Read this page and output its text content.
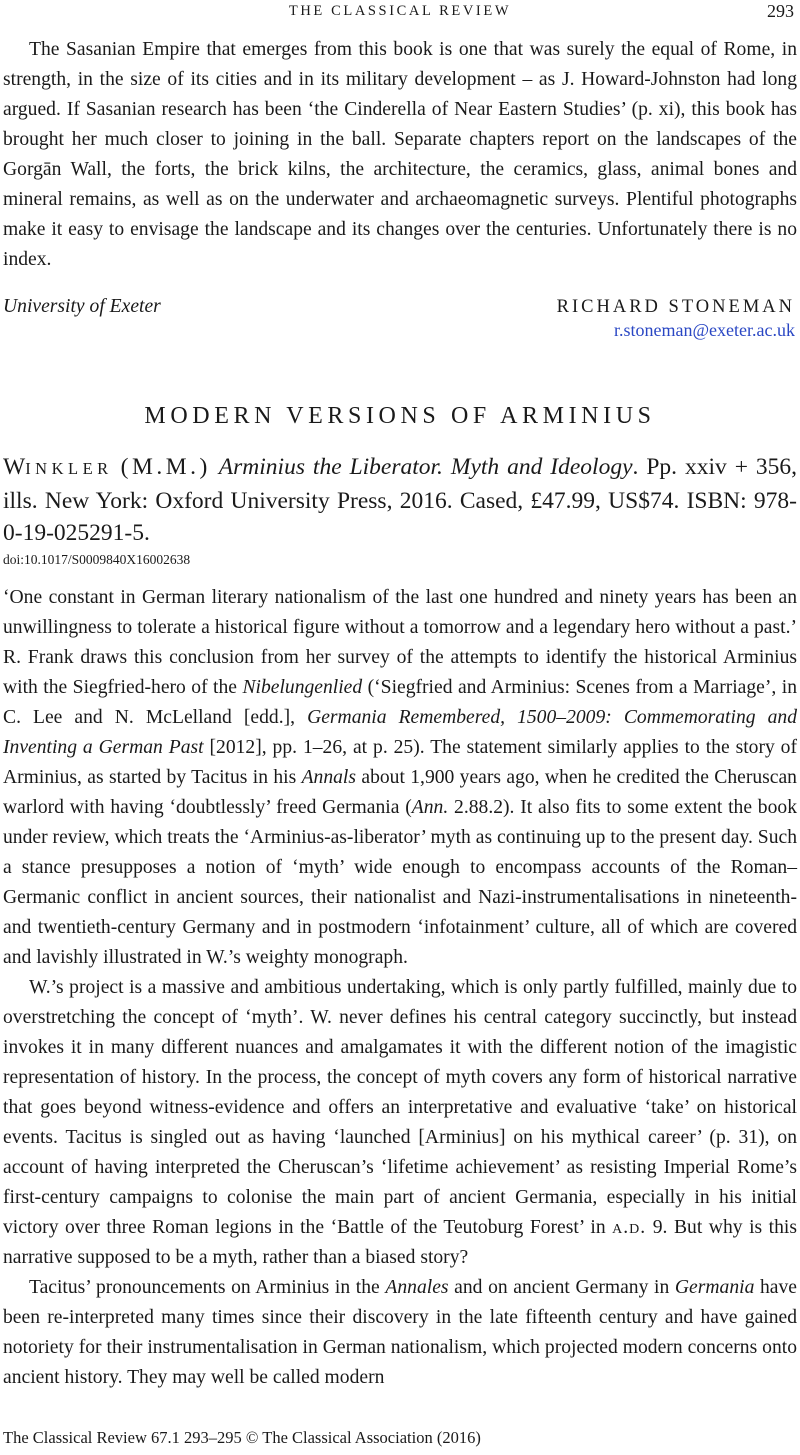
THE CLASSICAL REVIEW	293

The Sasanian Empire that emerges from this book is one that was surely the equal of Rome, in strength, in the size of its cities and in its military development – as J. Howard-Johnston had long argued. If Sasanian research has been ‘the Cinderella of Near Eastern Studies’ (p. xi), this book has brought her much closer to joining in the ball. Separate chapters report on the landscapes of the Gorgān Wall, the forts, the brick kilns, the architecture, the ceramics, glass, animal bones and mineral remains, as well as on the underwater and archaeomagnetic surveys. Plentiful photographs make it easy to envisage the landscape and its changes over the centuries. Unfortunately there is no index.

University of Exeter	RICHARD STONEMAN
r.stoneman@exeter.ac.uk
MODERN VERSIONS OF ARMINIUS
WINKLER (M.M.) Arminius the Liberator. Myth and Ideology. Pp. xxiv + 356, ills. New York: Oxford University Press, 2016. Cased, £47.99, US$74. ISBN: 978-0-19-025291-5.
doi:10.1017/S0009840X16002638

‘One constant in German literary nationalism of the last one hundred and ninety years has been an unwillingness to tolerate a historical figure without a tomorrow and a legendary hero without a past.’ R. Frank draws this conclusion from her survey of the attempts to identify the historical Arminius with the Siegfried-hero of the Nibelungenlied (‘Siegfried and Arminius: Scenes from a Marriage’, in C. Lee and N. McLelland [edd.], Germania Remembered, 1500–2009: Commemorating and Inventing a German Past [2012], pp. 1–26, at p. 25). The statement similarly applies to the story of Arminius, as started by Tacitus in his Annals about 1,900 years ago, when he credited the Cheruscan warlord with having ‘doubtlessly’ freed Germania (Ann. 2.88.2). It also fits to some extent the book under review, which treats the ‘Arminius-as-liberator’ myth as continuing up to the present day. Such a stance presupposes a notion of ‘myth’ wide enough to encompass accounts of the Roman–Germanic conflict in ancient sources, their nationalist and Nazi-instrumentalisations in nineteenth- and twentieth-century Germany and in postmodern ‘infotainment’ culture, all of which are covered and lavishly illustrated in W.’s weighty monograph.

W.’s project is a massive and ambitious undertaking, which is only partly fulfilled, mainly due to overstretching the concept of ‘myth’. W. never defines his central category succinctly, but instead invokes it in many different nuances and amalgamates it with the different notion of the imagistic representation of history. In the process, the concept of myth covers any form of historical narrative that goes beyond witness-evidence and offers an interpretative and evaluative ‘take’ on historical events. Tacitus is singled out as having ‘launched [Arminius] on his mythical career’ (p. 31), on account of having interpreted the Cheruscan’s ‘lifetime achievement’ as resisting Imperial Rome’s first-century campaigns to colonise the main part of ancient Germania, especially in his initial victory over three Roman legions in the ‘Battle of the Teutoburg Forest’ in a.d. 9. But why is this narrative supposed to be a myth, rather than a biased story?

Tacitus’ pronouncements on Arminius in the Annales and on ancient Germany in Germania have been re-interpreted many times since their discovery in the late fifteenth century and have gained notoriety for their instrumentalisation in German nationalism, which projected modern concerns onto ancient history. They may well be called modern

The Classical Review 67.1 293–295 © The Classical Association (2016)
